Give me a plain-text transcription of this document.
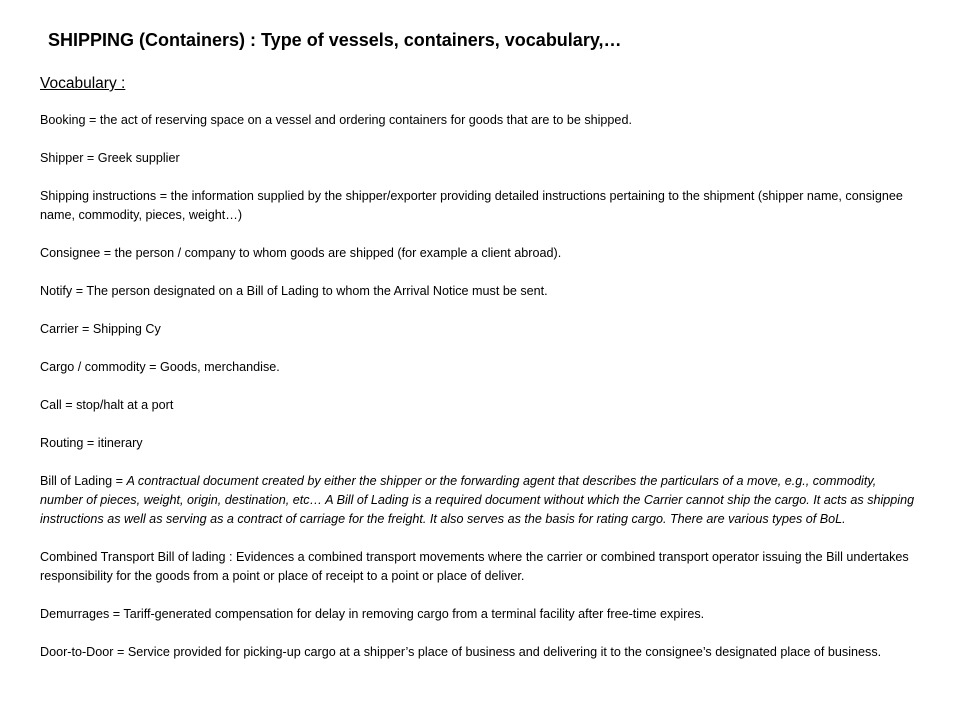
SHIPPING (Containers) : Type of vessels, containers, vocabulary,…
Vocabulary :

Booking = the act of reserving space on a vessel and ordering containers for goods that are to be shipped.

Shipper = Greek supplier

Shipping instructions = the information supplied by the shipper/exporter providing detailed instructions pertaining to the shipment (shipper name, consignee name, commodity, pieces, weight…)

Consignee = the person / company to whom goods are shipped (for example a client abroad).

Notify = The person designated on a Bill of Lading to whom the Arrival Notice must be sent.

Carrier = Shipping Cy

Cargo / commodity = Goods, merchandise.

Call = stop/halt at a port

Routing = itinerary

Bill of Lading = A contractual document created by either the shipper or the forwarding agent that describes the particulars of a move, e.g., commodity, number of pieces, weight, origin, destination, etc… A Bill of Lading is a required document without which the Carrier cannot ship the cargo. It acts as shipping instructions as well as serving as a contract of carriage for the freight. It also serves as the basis for rating cargo. There are various types of BoL.

Combined Transport Bill of lading : Evidences a combined transport movements where the carrier or combined transport operator issuing the Bill undertakes responsibility for the goods from a point or place of receipt to a point or place of deliver.

Demurrages = Tariff-generated compensation for delay in removing cargo from a terminal facility after free-time expires.

Door-to-Door = Service provided for picking-up cargo at a shipper’s place of business and delivering it to the consignee’s designated place of business.
